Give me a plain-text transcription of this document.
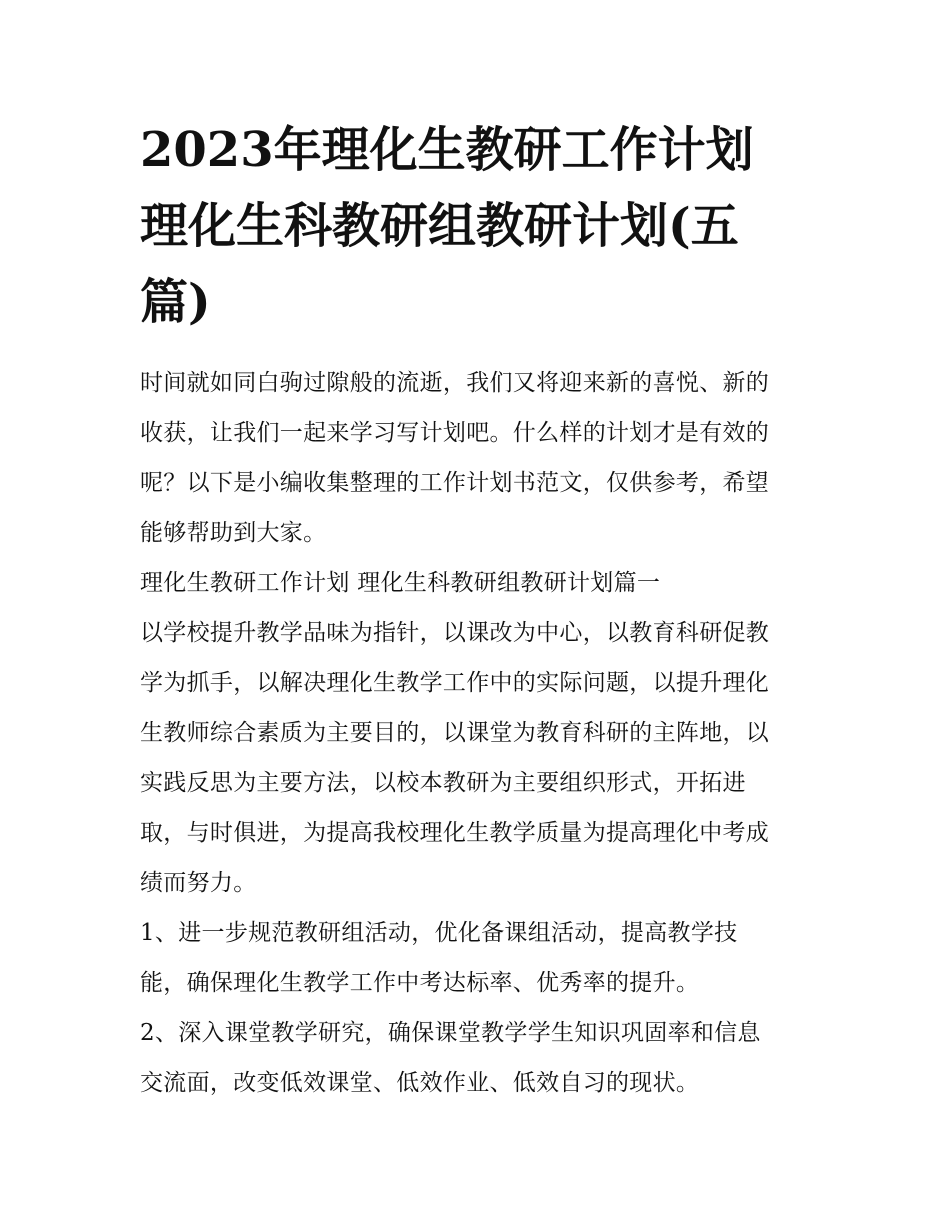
2023年理化生教研工作计划
理化生科教研组教研计划(五
篇)

时间就如同白驹过隙般的流逝，我们又将迎来新的喜悦、新的
收获，让我们一起来学习写计划吧。什么样的计划才是有效的
呢？以下是小编收集整理的工作计划书范文，仅供参考，希望
能够帮助到大家。

理化生教研工作计划 理化生科教研组教研计划篇一

以学校提升教学品味为指针，以课改为中心，以教育科研促教
学为抓手，以解决理化生教学工作中的实际问题，以提升理化
生教师综合素质为主要目的，以课堂为教育科研的主阵地，以
实践反思为主要方法，以校本教研为主要组织形式，开拓进
取，与时俱进，为提高我校理化生教学质量为提高理化中考成
绩而努力。

1、进一步规范教研组活动，优化备课组活动，提高教学技
能，确保理化生教学工作中考达标率、优秀率的提升。

2、深入课堂教学研究，确保课堂教学学生知识巩固率和信息
交流面，改变低效课堂、低效作业、低效自习的现状。
